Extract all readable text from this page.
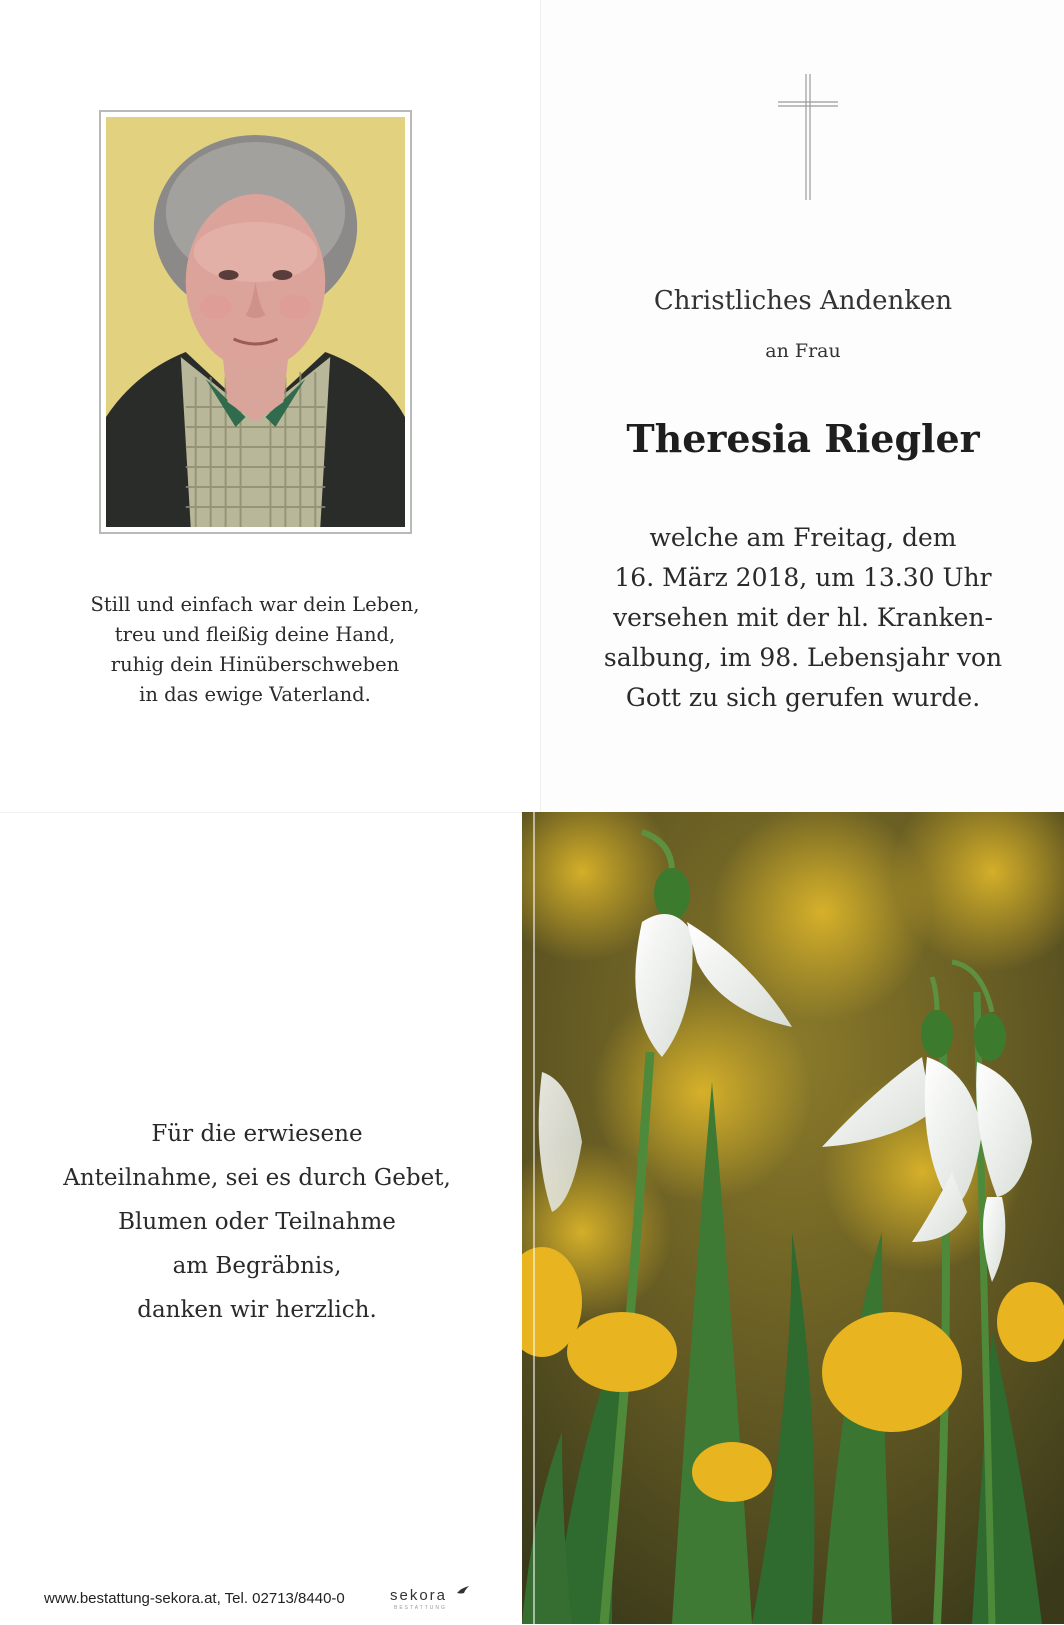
Still und einfach war dein Leben,
treu und fleißig deine Hand,
ruhig dein Hinüberschweben
in das ewige Vaterland.
Christliches Andenken
an Frau
Theresia Riegler
welche am Freitag, dem
16. März 2018, um 13.30 Uhr
versehen mit der hl. Kranken-
salbung, im 98. Lebensjahr von
Gott zu sich gerufen wurde.
Für die erwiesene
Anteilnahme, sei es durch Gebet,
Blumen oder Teilnahme
am Begräbnis,
danken wir herzlich.
www.bestattung-sekora.at, Tel. 02713/8440-0	sekora
BESTATTUNG
